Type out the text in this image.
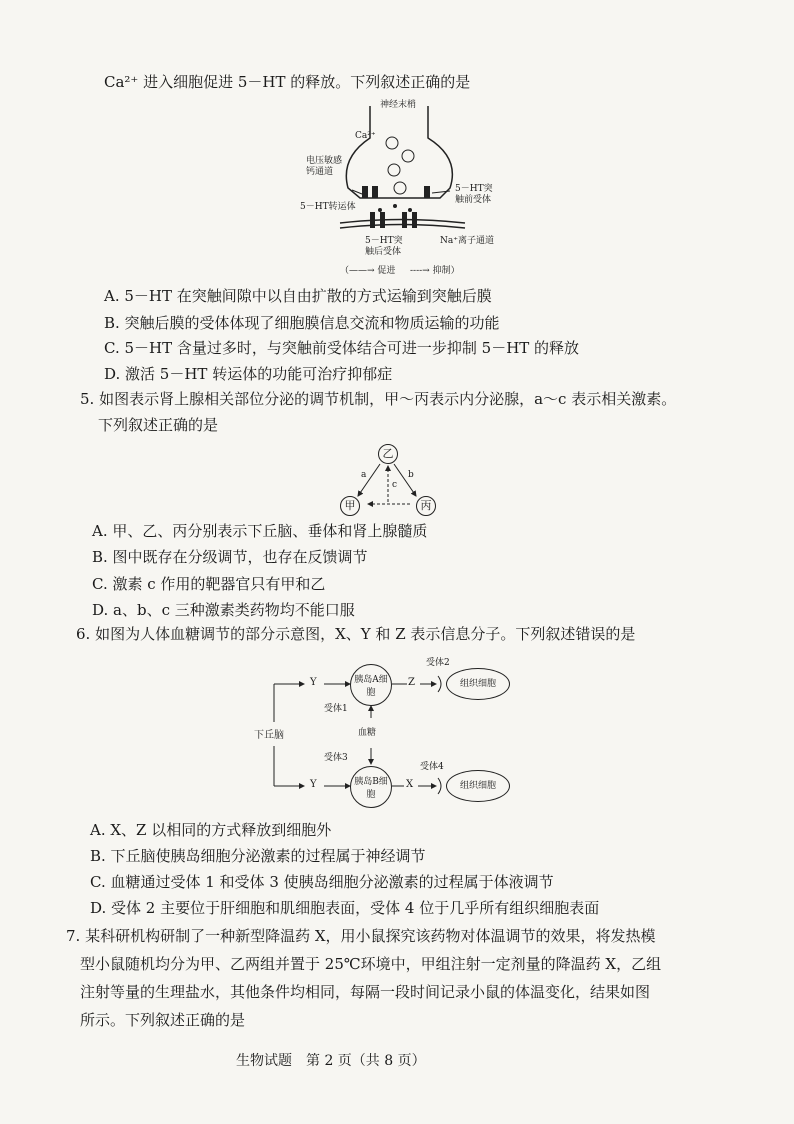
Ca²⁺ 进入细胞促进 5－HT 的释放。下列叙述正确的是
神经末梢
Ca²⁺
电压敏感钙通道
5－HT转运体
5－HT突触前受体
5－HT突触后受体
Na⁺离子通道
（——→ 促进 ----→ 抑制）
A. 5－HT 在突触间隙中以自由扩散的方式运输到突触后膜
B. 突触后膜的受体体现了细胞膜信息交流和物质运输的功能
C. 5－HT 含量过多时，与突触前受体结合可进一步抑制 5－HT 的释放
D. 激活 5－HT 转运体的功能可治疗抑郁症
5. 如图表示肾上腺相关部位分泌的调节机制，甲～丙表示内分泌腺，a～c 表示相关激素。
下列叙述正确的是
乙
甲	丙
a	b
c
A. 甲、乙、丙分别表示下丘脑、垂体和肾上腺髓质
B. 图中既存在分级调节，也存在反馈调节
C. 激素 c 作用的靶器官只有甲和乙
D. a、b、c 三种激素类药物均不能口服
6. 如图为人体血糖调节的部分示意图，X、Y 和 Z 表示信息分子。下列叙述错误的是
下丘脑
Y
Y
胰岛A细胞
胰岛B细胞
Z
X
受体1
受体2
受体3
受体4
血糖
组织细胞
组织细胞
A. X、Z 以相同的方式释放到细胞外
B. 下丘脑使胰岛细胞分泌激素的过程属于神经调节
C. 血糖通过受体 1 和受体 3 使胰岛细胞分泌激素的过程属于体液调节
D. 受体 2 主要位于肝细胞和肌细胞表面，受体 4 位于几乎所有组织细胞表面
7. 某科研机构研制了一种新型降温药 X，用小鼠探究该药物对体温调节的效果，将发热模
型小鼠随机均分为甲、乙两组并置于 25℃环境中，甲组注射一定剂量的降温药 X，乙组
注射等量的生理盐水，其他条件均相同，每隔一段时间记录小鼠的体温变化，结果如图
所示。下列叙述正确的是
生物试题　第 2 页（共 8 页）
